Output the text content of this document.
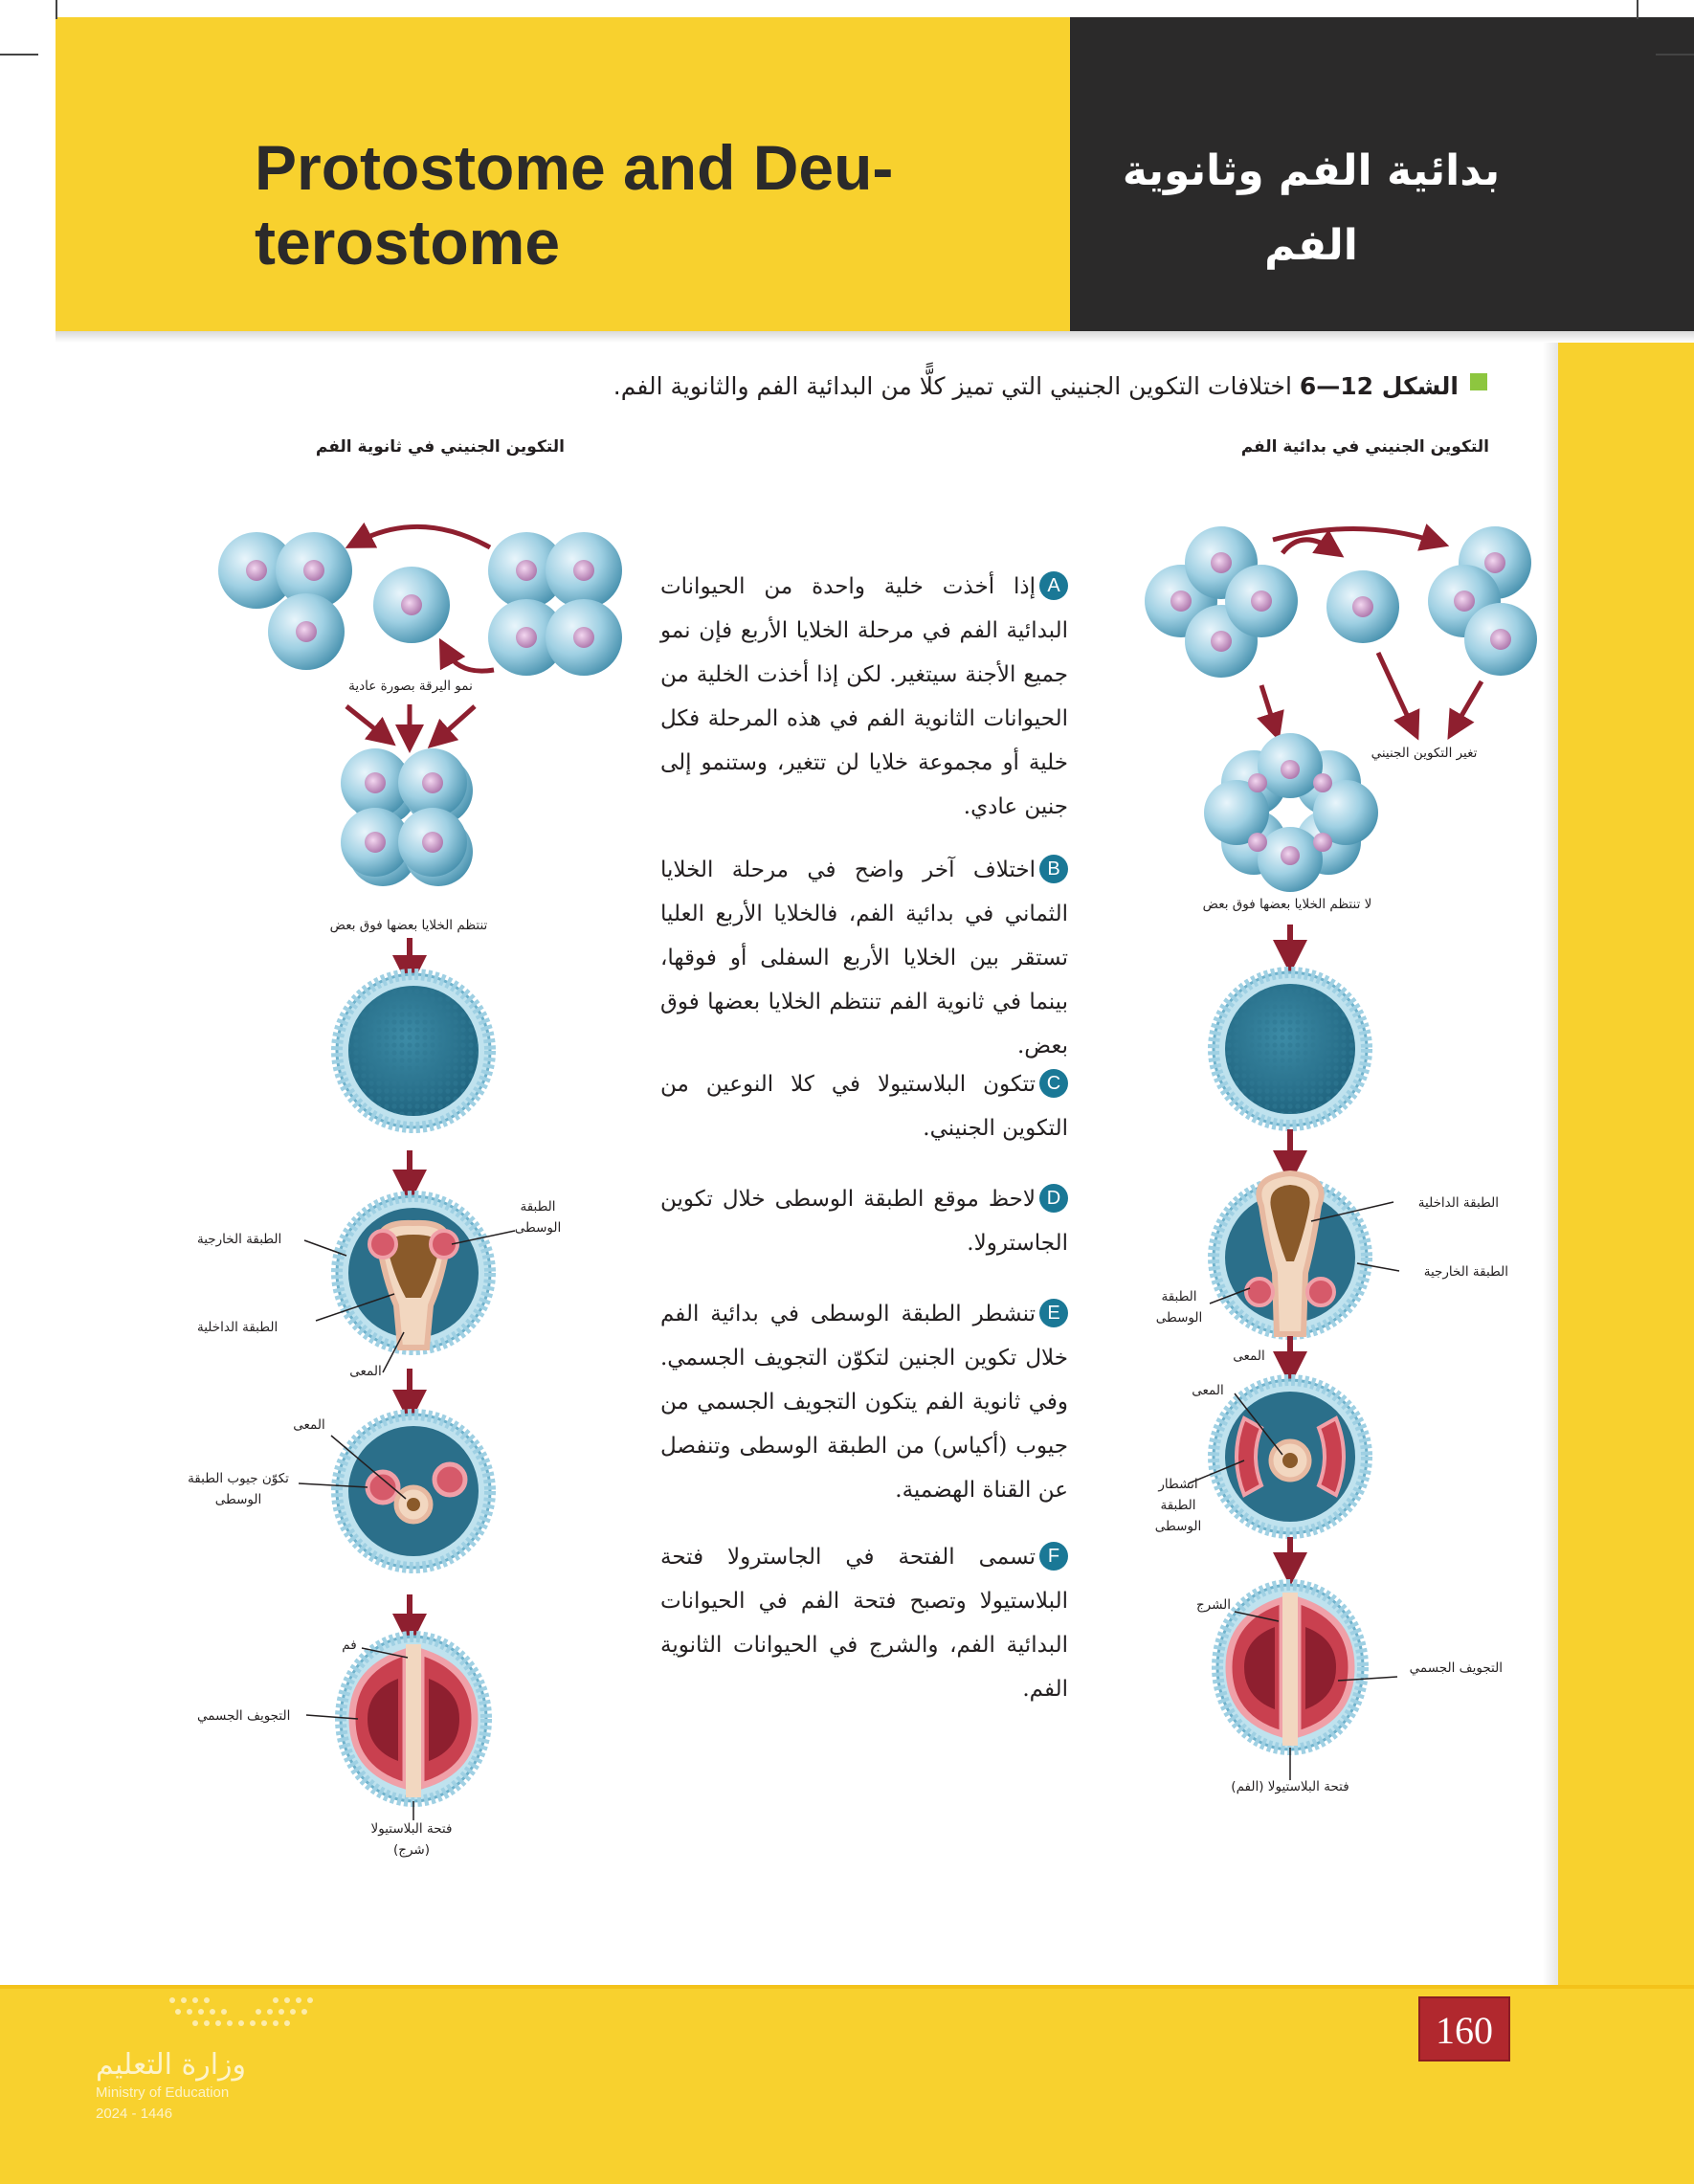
Protostome and Deu-
terostome
بدائية الفم وثانوية
الفم
الشكل 12—6 اختلافات التكوين الجنيني التي تميز كلًّا من البدائية الفم والثانوية الفم.
التكوين الجنيني في بدائية الفم
التكوين الجنيني في ثانوية الفم
تغير التكوين الجنيني
لا تنتظم الخلايا بعضها فوق بعض
الطبقة الداخلية
الطبقة الخارجية
الطبقة
الوسطى
المعى
المعى
انشطار
الطبقة
الوسطى
الشرج
التجويف الجسمي
فتحة البلاستيولا (الفم)
نمو اليرقة بصورة عادية
تنتظم الخلايا بعضها فوق بعض
الطبقة
الوسطى
الطبقة الخارجية
الطبقة الداخلية
المعى
المعى
تكوّن جيوب الطبقة
الوسطى
فم
التجويف الجسمي
فتحة البلاستيولا
(شرج)
Aإذا أخذت خلية واحدة من الحيوانات البدائية الفم في مرحلة الخلايا الأربع فإن نمو جميع الأجنة سيتغير. لكن إذا أخذت الخلية من الحيوانات الثانوية الفم في هذه المرحلة فكل خلية أو مجموعة خلايا لن تتغير، وستنمو إلى جنين عادي.
Bاختلاف آخر واضح في مرحلة الخلايا الثماني في بدائية الفم، فالخلايا الأربع العليا تستقر بين الخلايا الأربع السفلى أو فوقها، بينما في ثانوية الفم تنتظم الخلايا بعضها فوق بعض.
Cتتكون البلاستيولا في كلا النوعين من التكوين الجنيني.
Dلاحظ موقع الطبقة الوسطى خلال تكوين الجاسترولا.
Eتنشطر الطبقة الوسطى في بدائية الفم خلال تكوين الجنين لتكوّن التجويف الجسمي. وفي ثانوية الفم يتكون التجويف الجسمي من جيوب (أكياس) من الطبقة الوسطى وتنفصل عن القناة الهضمية.
Fتسمى الفتحة في الجاسترولا فتحة البلاستيولا وتصبح فتحة الفم في الحيوانات البدائية الفم، والشرج في الحيوانات الثانوية الفم.
160
وزارة التعليم
Ministry of Education
2024 - 1446
